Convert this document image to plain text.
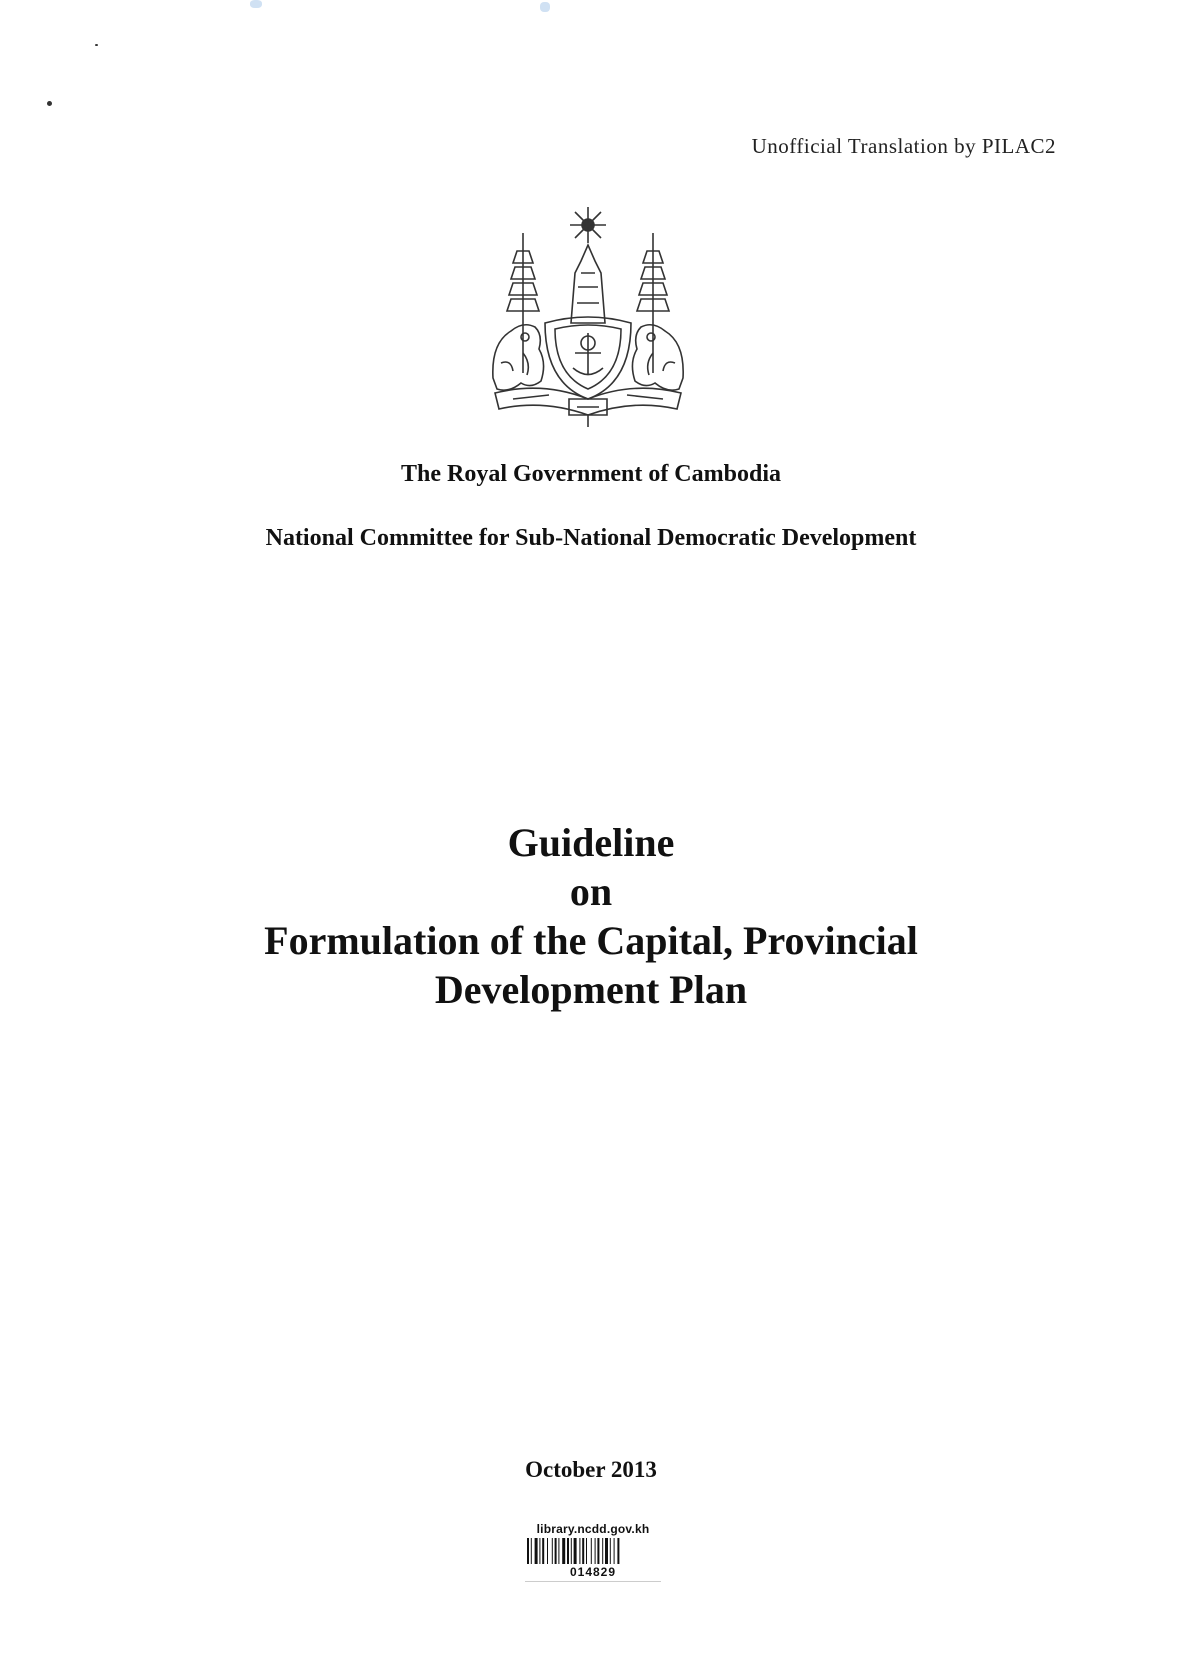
Unofficial Translation by PILAC2
The Royal Government of Cambodia
National Committee for Sub-National Democratic Development
Guideline
on
Formulation of the Capital, Provincial
Development Plan
October 2013
library.ncdd.gov.kh
014829
